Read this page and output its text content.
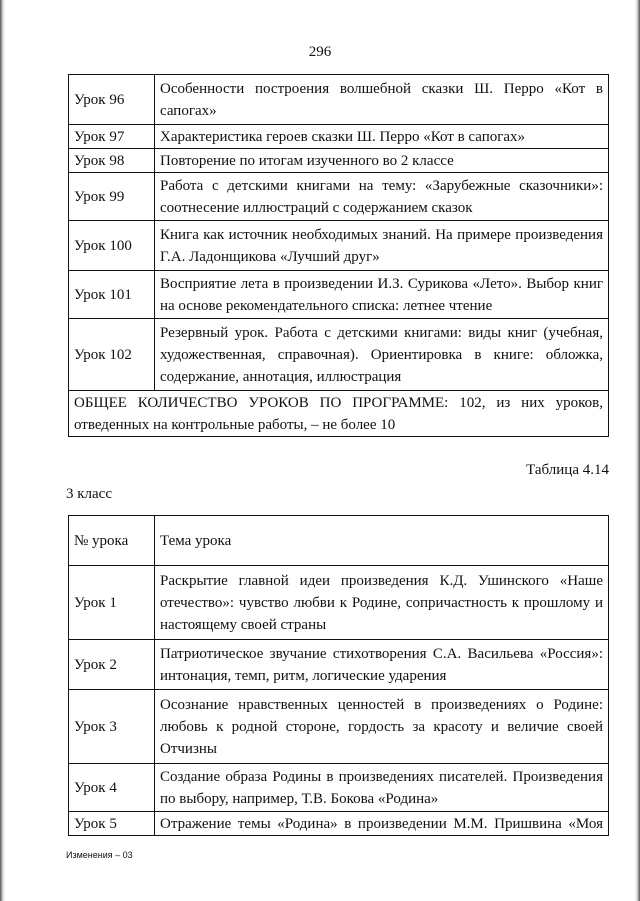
296
Урок 96	Особенности построения волшебной сказки Ш. Перро «Кот в сапогах»
Урок 97	Характеристика героев сказки Ш. Перро «Кот в сапогах»
Урок 98	Повторение по итогам изученного во 2 классе
Урок 99	Работа с детскими книгами на тему: «Зарубежные сказочники»: соотнесение иллюстраций с содержанием сказок
Урок 100	Книга как источник необходимых знаний. На примере произведения Г.А. Ладонщикова «Лучший друг»
Урок 101	Восприятие лета в произведении И.З. Сурикова «Лето». Выбор книг на основе рекомендательного списка: летнее чтение
Урок 102	Резервный урок. Работа с детскими книгами: виды книг (учебная, художественная, справочная). Ориентировка в книге: обложка, содержание, аннотация, иллюстрация
ОБЩЕЕ КОЛИЧЕСТВО УРОКОВ ПО ПРОГРАММЕ: 102, из них уроков, отведенных на контрольные работы, – не более 10	
Таблица 4.14
3 класс
№ урока	Тема урока
Урок 1	Раскрытие главной идеи произведения К.Д. Ушинского «Наше отечество»: чувство любви к Родине, сопричастность к прошлому и настоящему своей страны
Урок 2	Патриотическое звучание стихотворения С.А. Васильева «Россия»: интонация, темп, ритм, логические ударения
Урок 3	Осознание нравственных ценностей в произведениях о Родине: любовь к родной стороне, гордость за красоту и величие своей Отчизны
Урок 4	Создание образа Родины в произведениях писателей. Произведения по выбору, например, Т.В. Бокова «Родина»
Урок 5	Отражение темы «Родина» в произведении М.М. Пришвина «Моя
Изменения – 03
